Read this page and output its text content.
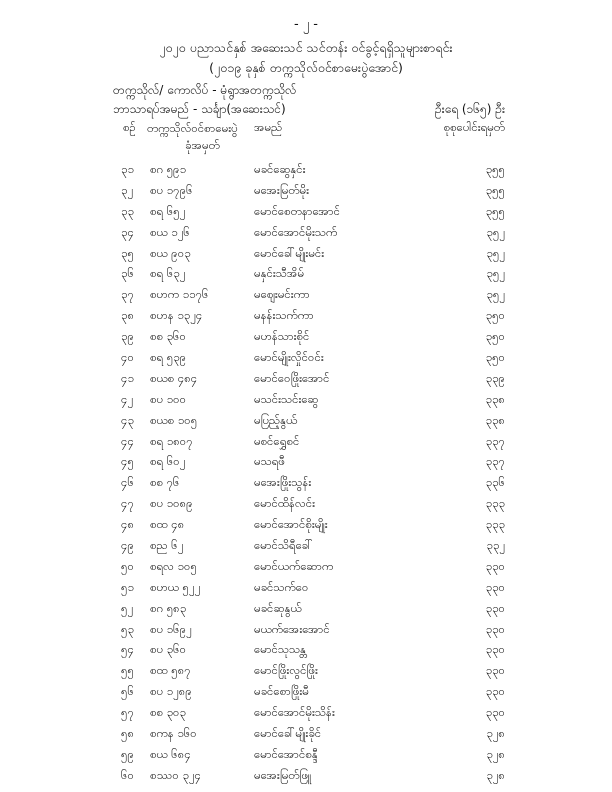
- ၂ -
၂၀၂၀ ပညာသင်နှစ် အဆေးသင် သင်တန်း ဝင်ခွင့်ရရှိသူများစာရင်း
(၂၀၁၉ ခုနှစ် တက္ကသိုလ်ဝင်စာမေးပွဲအောင်)
တက္ကသိုလ်/ ကောလိပ် - မုံရွာအတက္ကသိုလ်
ဘာသာရပ်အမည် - သင်္ချာ(အဆေးသင်)	ဦးရေ (၁၆၅) ဦး
စဉ် တက္ကသိုလ်ဝင်စာမေးပွဲ
ခုံအမှတ်
အမည်	စုစုပေါင်းရမှတ်
၃၁	စဂ ၅၉၁	မခင်ဆွေနှင်း	၃၅၅
၃၂	စပ ၁၇၉၆	မအေးမြတ်မိုး	၃၅၅
၃၃	စရ ၆၅၂	မောင်စေတနာအောင်	၃၅၅
၃၄	စယ ၁၂၆	မောင်အောင်မိုးသက်	၃၅၂
၃၅	စယ ၉၀၃	မောင်ခေါ်မျိုးမင်း	၃၅၂
၃၆	စရ ၆၃၂	မနှင်းသီအိမ်	၃၅၂
၃၇	စဟက ၁၁၇၆	မဈေးမင်းကာ	၃၅၂
၃၈	စဟန ၁၃၂၄	မနန်းသက်ကာ	၃၅၀
၃၉	စစ ၃၆၀	မဟန်သားစိုင်	၃၅၀
၄၀	စရ ၅၃၉	မောင်မျိုးလှိုင်ဝင်း	၃၅၀
၄၁	စယစ ၄၈၄	မောင်ဝေဖြိုးအောင်	၃၃၉
၄၂	စပ ၁၀၀	မသင်းသင်းဆွေ	၃၃၈
၄၃	စယစ ၁၀၅	မပြည့်နွယ်	၃၃၈
၄၄	စရ ၁၈၀၇	မစင်ရွှေစင်	၃၃၇
၄၅	စရ ၆၀၂	မသရဖီ	၃၃၇
၄၆	စစ ၇၆	မအေးဖြိုးသွန်း	၃၃၆
၄၇	စပ ၁၀၈၉	မောင်ထိန်လင်း	၃၃၃
၄၈	စထ ၄၈	မောင်အောင်စိုးမျိုး	၃၃၃
၄၉	စည ၆၂	မောင်သိရီခေါ်	၃၃၂
၅၀	စရလ ၁၀၅	မောင်ယက်ဆောက	၃၃၀
၅၁	စဟယ ၅၂၂	မခင်သက်ဝေ	၃၃၀
၅၂	စဂ ၅၈၃	မခင်ဆုနွယ်	၃၃၀
၅၃	စပ ၁၆၉၂	မယက်အေးအောင်	၃၃၀
၅၄	စပ ၃၆၀	မောင်သုသန္တ	၃၃၀
၅၅	စထ ၅၈၇	မောင်ဖြိုးလွင်ဖြိုး	၃၃၀
၅၆	စပ ၁၂၈၉	မခင်စောဖြိုးမီ	၃၃၀
၅၇	စစ ၃၀၃	မောင်အောင်မိုးသိန်း	၃၃၀
၅၈	စကန ၁၆၀	မောင်ခေါ်မျိုးခိုင်	၃၂၈
၅၉	စယ ၆၈၄	မောင်အောင်စန္ဒီ	၃၂၈
၆၀	စဿ၀ ၃၂၄	မအေးမြတ်ဖြူ	၃၂၈
